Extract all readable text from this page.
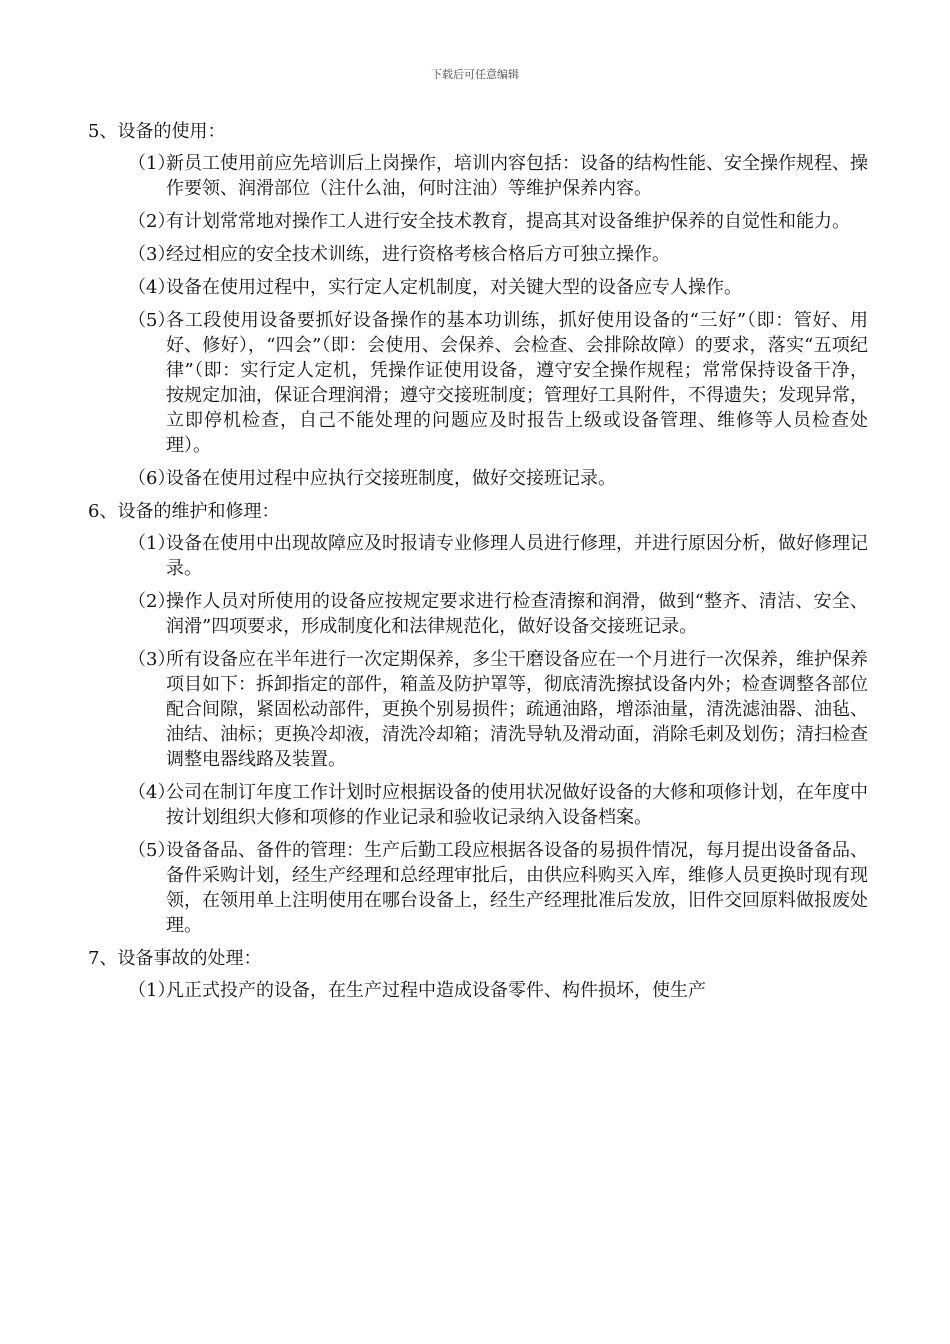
下载后可任意编辑
5、设备的使用：
（1）
新员工使用前应先培训后上岗操作，培训内容包括：设备的结构性能、安全操作规程、操作要领、润滑部位（注什么油，何时注油）等维护保养内容。
（2）
有计划常常地对操作工人进行安全技术教育，提高其对设备维护保养的自觉性和能力。
（3）
经过相应的安全技术训练，进行资格考核合格后方可独立操作。
（4）
设备在使用过程中，实行定人定机制度，对关键大型的设备应专人操作。
（5）
各工段使用设备要抓好设备操作的基本功训练，抓好使用设备的“三好”（即：管好、用好、修好），“四会”（即：会使用、会保养、会检查、会排除故障）的要求，落实“五项纪律”（即：实行定人定机，凭操作证使用设备，遵守安全操作规程；常常保持设备干净，按规定加油，保证合理润滑；遵守交接班制度；管理好工具附件，不得遗失；发现异常，立即停机检查，自己不能处理的问题应及时报告上级或设备管理、维修等人员检查处理）。
（6）
设备在使用过程中应执行交接班制度，做好交接班记录。
6、设备的维护和修理：
（1）
设备在使用中出现故障应及时报请专业修理人员进行修理，并进行原因分析，做好修理记录。
（2）
操作人员对所使用的设备应按规定要求进行检查清擦和润滑，做到“整齐、清洁、安全、润滑”四项要求，形成制度化和法律规范化，做好设备交接班记录。
（3）
所有设备应在半年进行一次定期保养，多尘干磨设备应在一个月进行一次保养，维护保养项目如下：拆卸指定的部件，箱盖及防护罩等，彻底清洗擦拭设备内外；检查调整各部位配合间隙，紧固松动部件，更换个别易损件；疏通油路，增添油量，清洗滤油器、油毡、油结、油标；更换冷却液，清洗冷却箱；清洗导轨及滑动面，消除毛刺及划伤；清扫检查调整电器线路及装置。
（4）
公司在制订年度工作计划时应根据设备的使用状况做好设备的大修和项修计划，在年度中按计划组织大修和项修的作业记录和验收记录纳入设备档案。
（5）
设备备品、备件的管理：生产后勤工段应根据各设备的易损件情况，每月提出设备备品、备件采购计划，经生产经理和总经理审批后，由供应科购买入库，维修人员更换时现有现领，在领用单上注明使用在哪台设备上，经生产经理批准后发放，旧件交回原料做报废处理。
7、设备事故的处理：
（1）
凡正式投产的设备，在生产过程中造成设备零件、构件损坏，使生产
